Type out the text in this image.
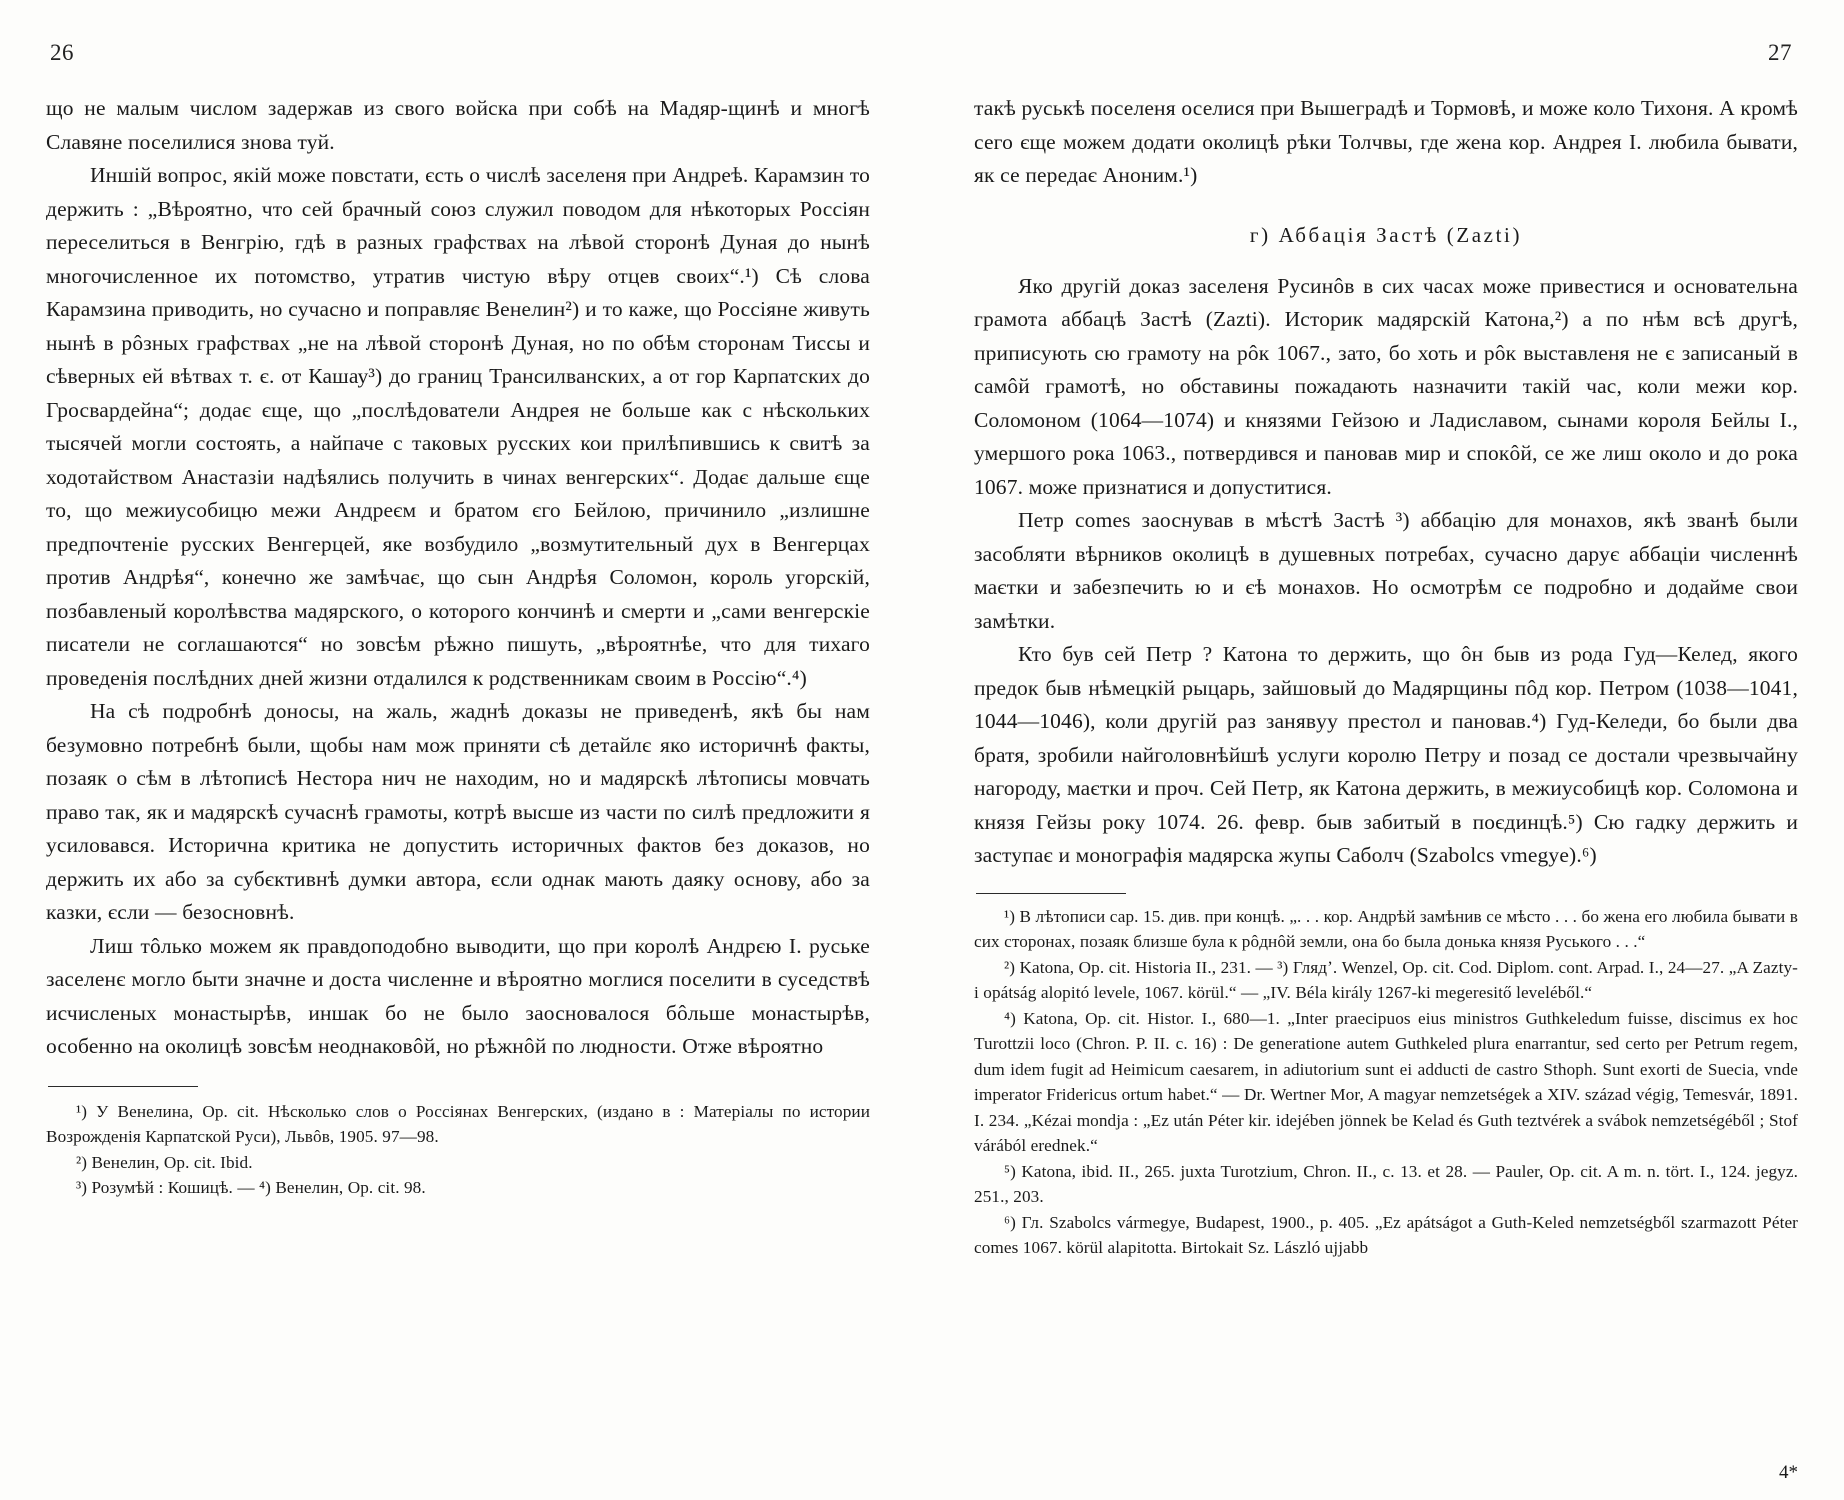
26

що не малым числом задержав из свого войска при собѣ на Мадяр-щинѣ и многѣ Славяне поселилися знова туй.

Иншій вопрос, якій може повстати, єсть о числѣ заселеня при Андреѣ. Карамзин то держить : „Вѣроятно, что сей брачный союз служил поводом для нѣкоторых Россіян переселиться в Венгрію, гдѣ в разных графствах на лѣвой сторонѣ Дуная до нынѣ многочисленное их потомство, утратив чистую вѣру отцев своих“.¹) Сѣ слова Карамзина приводить, но сучасно и поправляє Венелин²) и то каже, що Россіяне живуть нынѣ в рôзных графствах „не на лѣвой сторонѣ Дуная, но по обѣм сторонам Тиссы и сѣверных ей вѣтвах т. є. от Кашау³) до границ Трансилванских, а от гор Карпатских до Гросвардейна“; додає єще, що „послѣдователи Андрея не больше как с нѣскольких тысячей могли состоять, а найпаче с таковых русских кои прилѣпившись к свитѣ за ходотайством Анастазіи надѣялись получить в чинах венгерских“. Додає дальше єще то, що межиусобицю межи Андреєм и братом єго Бейлою, причинило „излишне предпочтеніе русских Венгерцей, яке возбудило „возмутительный дух в Венгерцах против Андрѣя“, конечно же замѣчає, що сын Андрѣя Соломон, король угорскій, позбавленый королѣвства мадярского, о которого кончинѣ и смерти и „сами венгерскіе писатели не соглашаются“ но зовсѣм рѣжно пишуть, „вѣроятнѣе, что для тихаго проведенія послѣдних дней жизни отдалился к родственникам своим в Россію“.⁴)

На сѣ подробнѣ доносы, на жаль, жаднѣ доказы не приведенѣ, якѣ бы нам безумовно потребнѣ были, щобы нам мож приняти сѣ детайлє яко историчнѣ факты, позаяк о сѣм в лѣтописѣ Нестора нич не находим, но и мадярскѣ лѣтописы мовчать право так, як и мадярскѣ сучаснѣ грамоты, котрѣ высше из части по силѣ предложити я усиловався. Исторична критика не допустить историчных фактов без доказов, но держить их або за субєктивнѣ думки автора, єсли однак мають даяку основу, або за казки, єсли — безосновнѣ.

Лиш тôлько можем як правдоподобно выводити, що при королѣ Андрєю I. руське заселенє могло быти значне и доста численне и вѣроятно моглися поселити в суседствѣ исчисленых монастырѣв, иншак бо не было заосновалося бôльше монастырѣв, особенно на околицѣ зовсѣм неоднаковôй, но рѣжнôй по людности. Отже вѣроятно

¹) У Венелина, Op. cit. Нѣсколько слов о Россіянах Венгерских, (издано в : Матеріалы по истории Возрожденія Карпатской Руси), Львôв, 1905. 97—98.

²) Венелин, Op. cit. Ibid.

³) Розумѣй : Кошицѣ. — ⁴) Венелин, Op. cit. 98.

27

такѣ руськѣ поселеня оселися при Вышеградѣ и Тормовѣ, и може коло Тихоня. А кромѣ сего єще можем додати околицѣ рѣки Толчвы, где жена кор. Андрея I. любила бывати, як се передає Аноним.¹)

г) Аббація Застѣ (Zazti)

Яко другій доказ заселеня Русинôв в сих часах може привестися и основательна грамота аббацѣ Застѣ (Zazti). Историк мадярскій Катона,²) а по нѣм всѣ другѣ, приписують сю грамоту на рôк 1067., зато, бо хоть и рôк выставленя не є записаный в самôй грамотѣ, но обставины пожадають назначити такій час, коли межи кор. Соломоном (1064—1074) и князями Гейзою и Ладиславом, сынами короля Бейлы I., умершого рока 1063., потвердився и пановав мир и спокôй, се же лиш около и до рока 1067. може признатися и допуститися.

Петр comes заоснував в мѣстѣ Застѣ ³) аббацію для монахов, якѣ званѣ были засобляти вѣрников околицѣ в душевных потребах, сучасно дарує аббаціи численнѣ маєтки и забезпечить ю и єѣ монахов. Но осмотрѣм се подробно и додаймe свои замѣтки.

Кто був сей Петр ? Катона то держить, що ôн быв из рода Гуд—Келед, якого предок быв нѣмецкій рыцарь, зайшовый до Мадярщины пôд кор. Петром (1038—1041, 1044—1046), коли другій раз занявyy престол и пановав.⁴) Гуд-Келеди, бо были два братя, зробили найголовнѣйшѣ услуги королю Петру и позад се достали чрезвычайну нагороду, маєтки и проч. Сей Петр, як Катона держить, в межиусобицѣ кор. Соломона и князя Гейзы року 1074. 26. февр. быв забитый в поєдинцѣ.⁵) Сю гадку держить и заступає и монографія мадярска жупы Саболч (Szabolcs vmegye).⁶)

¹) В лѣтописи сар. 15. див. при концѣ. „. . . кор. Андрѣй замѣнив се мѣсто . . . бо жена его любила бывати в сих сторонах, позаяк близше була к рôднôй земли, она бо была донька князя Руського . . .“

²) Katona, Op. cit. Historia II., 231. — ³) Глядʼ. Wenzel, Op. cit. Cod. Diplom. cont. Arpad. I., 24—27. „A Zazty-i opátság alopitó levele, 1067. körül.“ — „IV. Béla király 1267-ki megeresitő leveléből.“

⁴) Katona, Op. cit. Histor. I., 680—1. „Inter praecipuos eius ministros Guthkeledum fuisse, discimus ex hoc Turottzii loco (Chron. P. II. c. 16) : De generatione autem Guthkeled plura enarrantur, sed certo per Petrum regem, dum idem fugit ad Heimicum caesarem, in adiutorium sunt ei adducti de castro Sthoph. Sunt exorti de Suecia, vnde imperator Fridericus ortum habet.“ — Dr. Wertner Mor, A magyar nemzetségek a XIV. század végig, Temesvár, 1891. I. 234. „Kézai mondja : „Ez után Péter kir. idejében jönnek be Kelad és Guth teztvérek a svábok nemzetségéből ; Stof várából erednek.“

⁵) Katona, ibid. II., 265. juxta Turotzium, Chron. II., c. 13. et 28. — Pauler, Op. cit. A m. n. tört. I., 124. jegyz. 251., 203.

⁶) Гл. Szabolcs vármegye, Budapest, 1900., p. 405. „Ez apátságot a Guth-Keled nemzetségből szarmazott Péter comes 1067. körül alapitotta. Birtokait Sz. László ujjabb

4*
